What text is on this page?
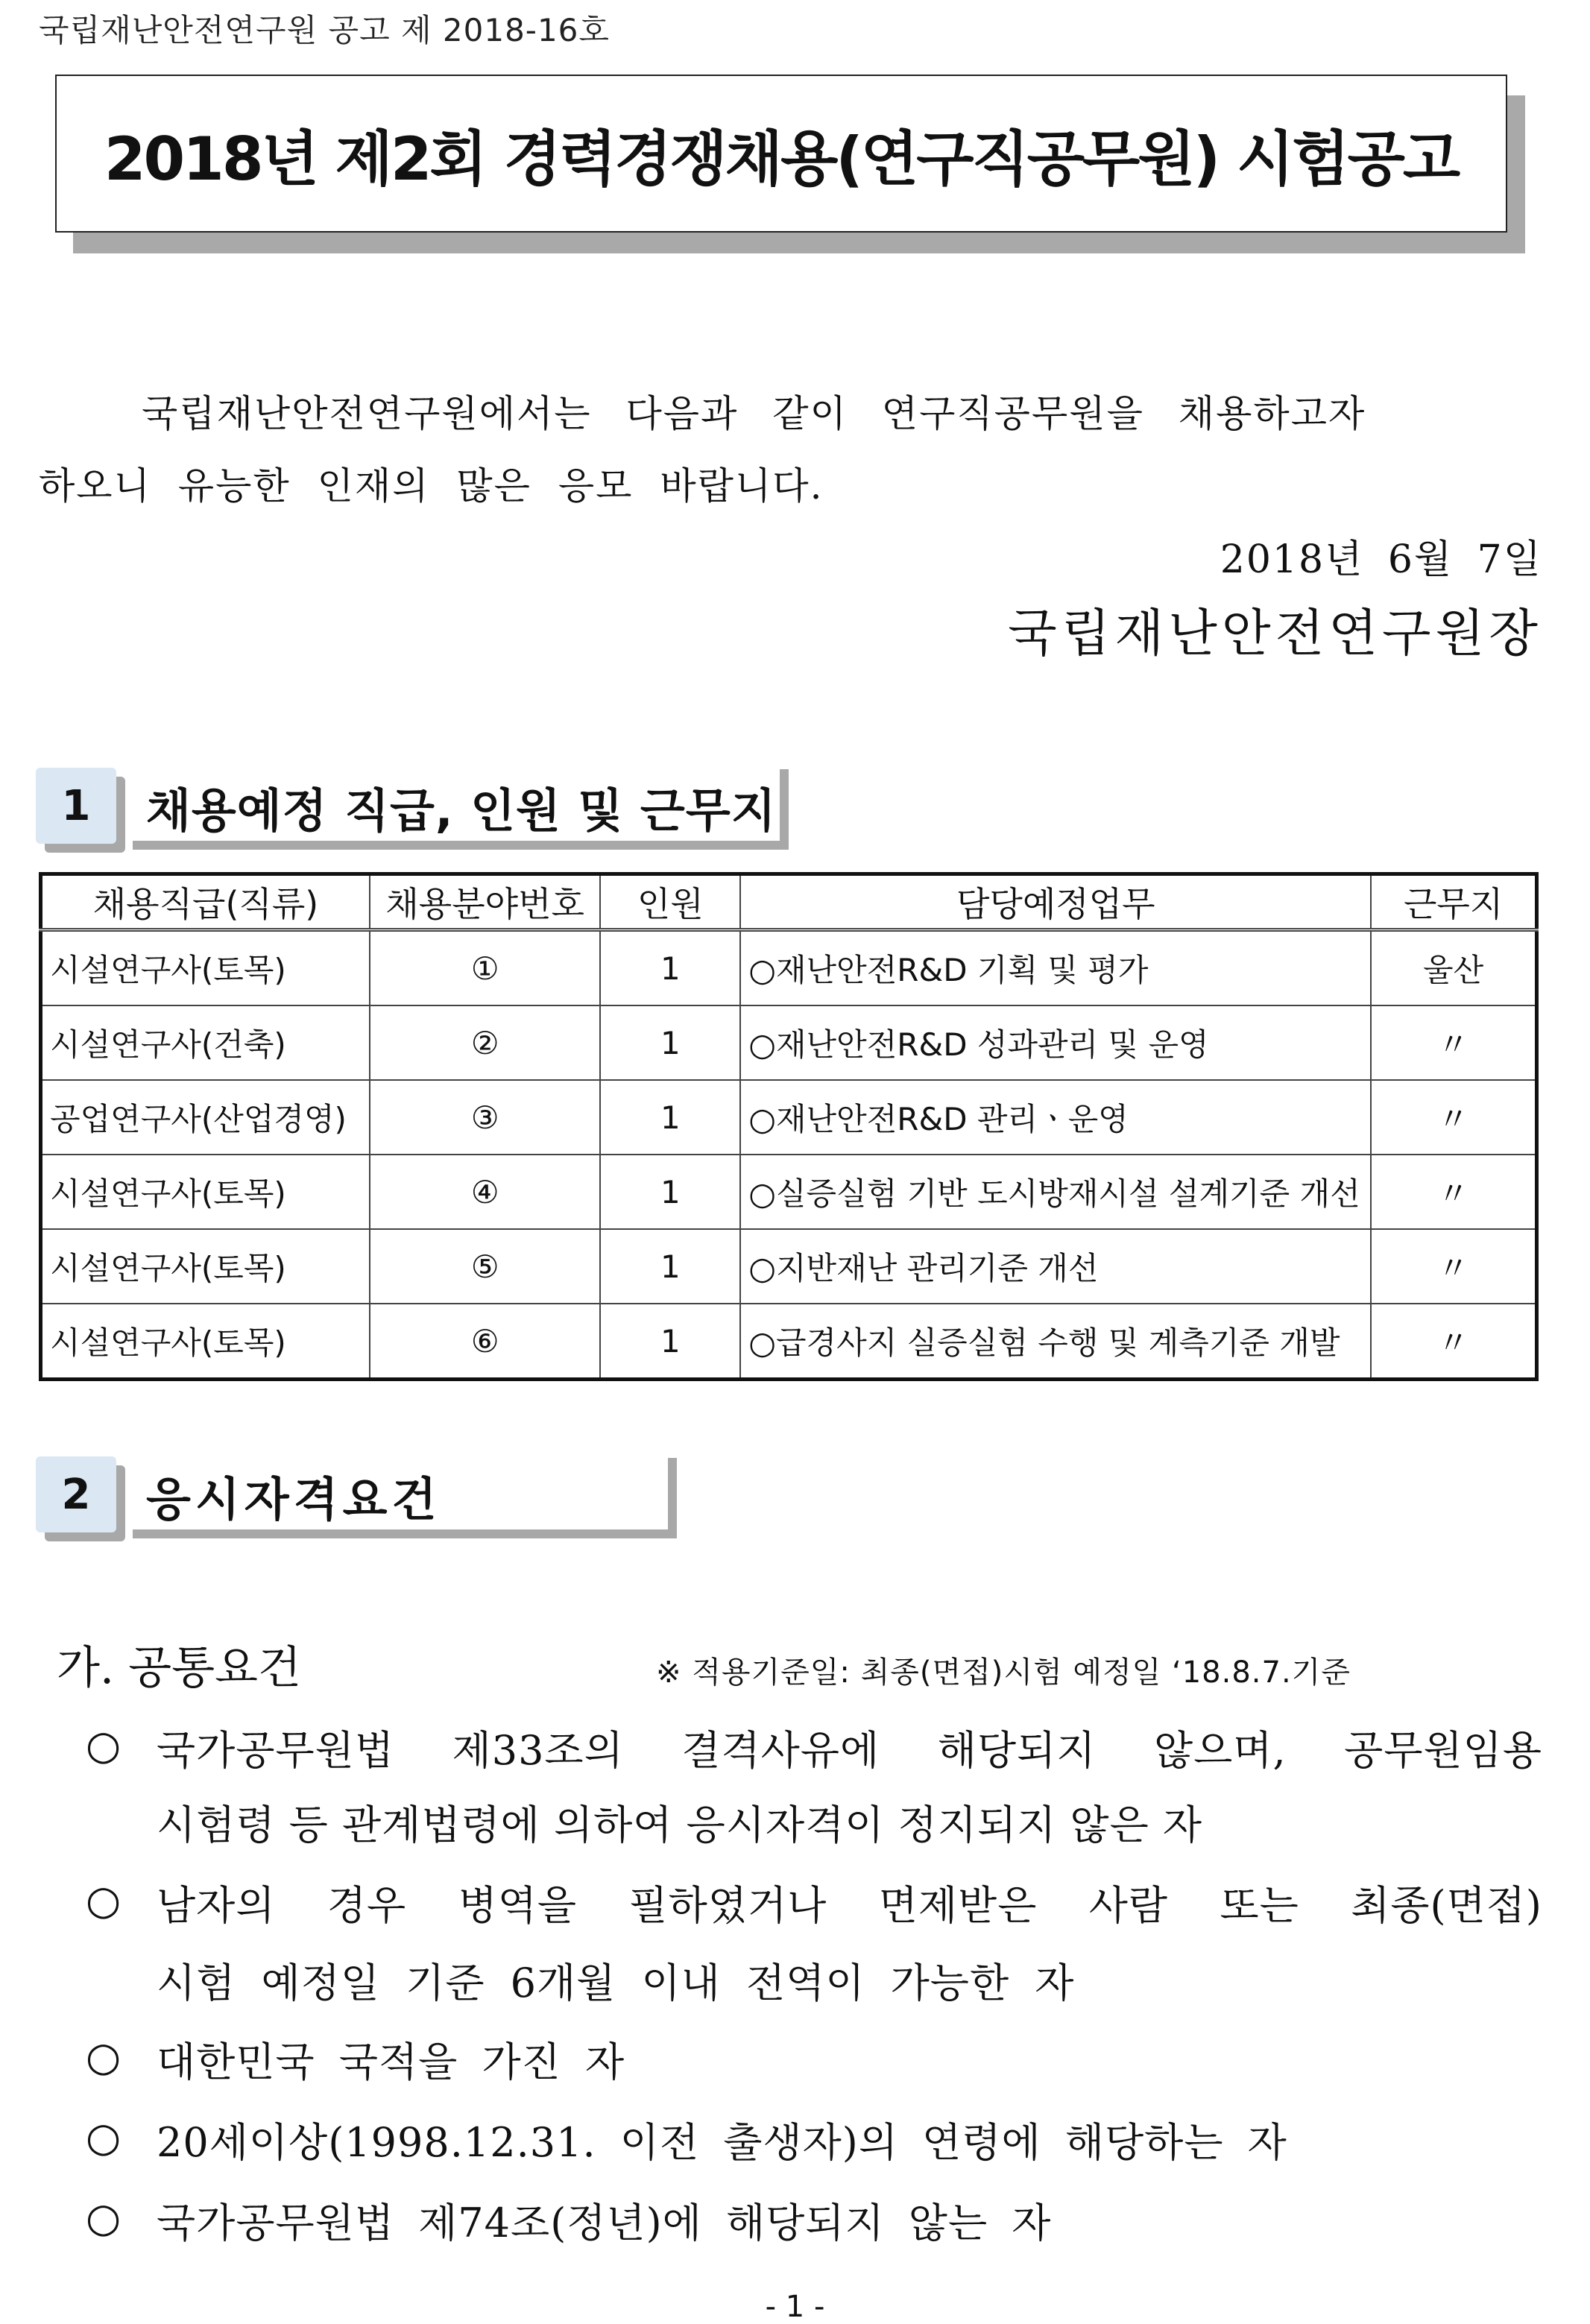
국립재난안전연구원 공고 제 2018-16호
2018년 제2회 경력경쟁채용(연구직공무원) 시험공고
국립재난안전연구원에서는 다음과 같이 연구직공무원을 채용하고자
하오니 유능한 인재의 많은 응모 바랍니다.
2018년 6월 7일
국립재난안전연구원장
1	채용예정 직급, 인원 및 근무지
채용직급(직류)	채용분야번호	인원	담당예정업무	근무지
시설연구사(토목)	①	1	○재난안전R&D 기획 및 평가	울산
시설연구사(건축)	②	1	○재난안전R&D 성과관리 및 운영	〃
공업연구사(산업경영)	③	1	○재난안전R&D 관리ㆍ운영	〃
시설연구사(토목)	④	1	○실증실험 기반 도시방재시설 설계기준 개선	〃
시설연구사(토목)	⑤	1	○지반재난 관리기준 개선	〃
시설연구사(토목)	⑥	1	○급경사지 실증실험 수행 및 계측기준 개발	〃
2	응시자격요건
가. 공통요건	※ 적용기준일: 최종(면접)시험 예정일 ‘18.8.7.기준
○ 국가공무원법 제33조의 결격사유에 해당되지 않으며, 공무원임용
시험령 등 관계법령에 의하여 응시자격이 정지되지 않은 자
○ 남자의 경우 병역을 필하였거나 면제받은 사람 또는 최종(면접)
시험 예정일 기준 6개월 이내 전역이 가능한 자
○ 대한민국 국적을 가진 자
○ 20세이상(1998.12.31. 이전 출생자)의 연령에 해당하는 자
○ 국가공무원법 제74조(정년)에 해당되지 않는 자
- 1 -
